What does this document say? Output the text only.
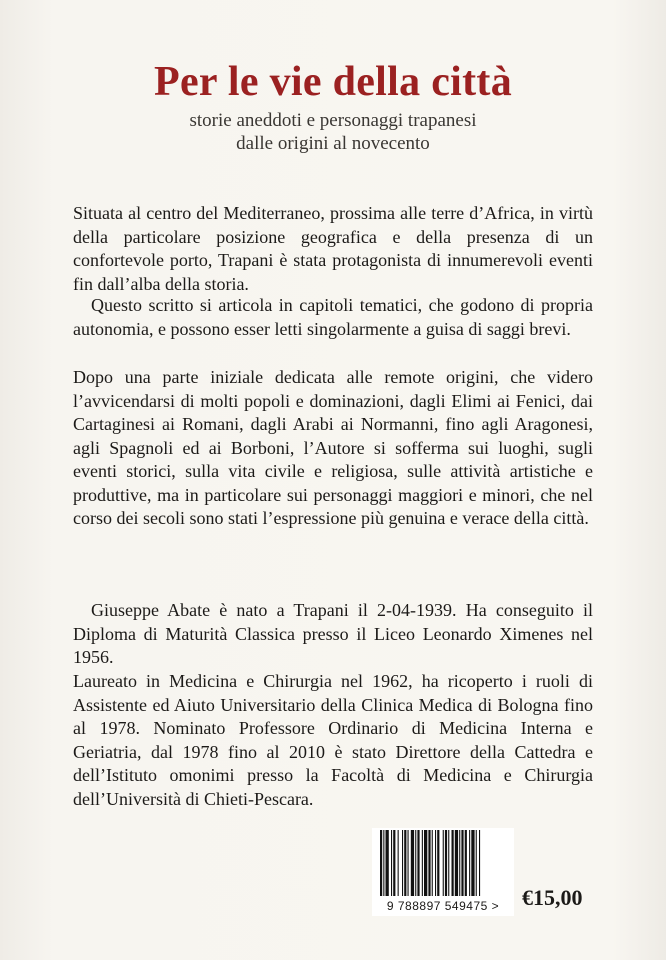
Per le vie della città
storie aneddoti e personaggi trapanesi
dalle origini al novecento

Situata al centro del Mediterraneo, prossima alle terre d’Africa, in virtù della particolare posizione geografica e della presenza di un confortevole porto, Trapani è stata protagonista di innumerevoli eventi fin dall’alba della storia.

Questo scritto si articola in capitoli tematici, che godono di propria autonomia, e possono esser letti singolarmente a guisa di saggi brevi.

Dopo una parte iniziale dedicata alle remote origini, che videro l’avvicendarsi di molti popoli e dominazioni, dagli Elimi ai Fenici, dai Cartaginesi ai Romani, dagli Arabi ai Normanni, fino agli Aragonesi, agli Spagnoli ed ai Borboni, l’Autore si sofferma sui luoghi, sugli eventi storici, sulla vita civile e religiosa, sulle attività artistiche e produttive, ma in particolare sui personaggi maggiori e minori, che nel corso dei secoli sono stati l’espressione più genuina e verace della città.

Giuseppe Abate è nato a Trapani il 2-04-1939. Ha conseguito il Diploma di Maturità Classica presso il Liceo Leonardo Ximenes nel 1956.

Laureato in Medicina e Chirurgia nel 1962, ha ricoperto i ruoli di Assistente ed Aiuto Universitario della Clinica Medica di Bologna fino al 1978. Nominato Professore Ordinario di Medicina Interna e Geriatria, dal 1978 fino al 2010 è stato Direttore della Cattedra e dell’Istituto omonimi presso la Facoltà di Medicina e Chirurgia dell’Università di Chieti-Pescara.

9 788897 549475 >	€15,00
